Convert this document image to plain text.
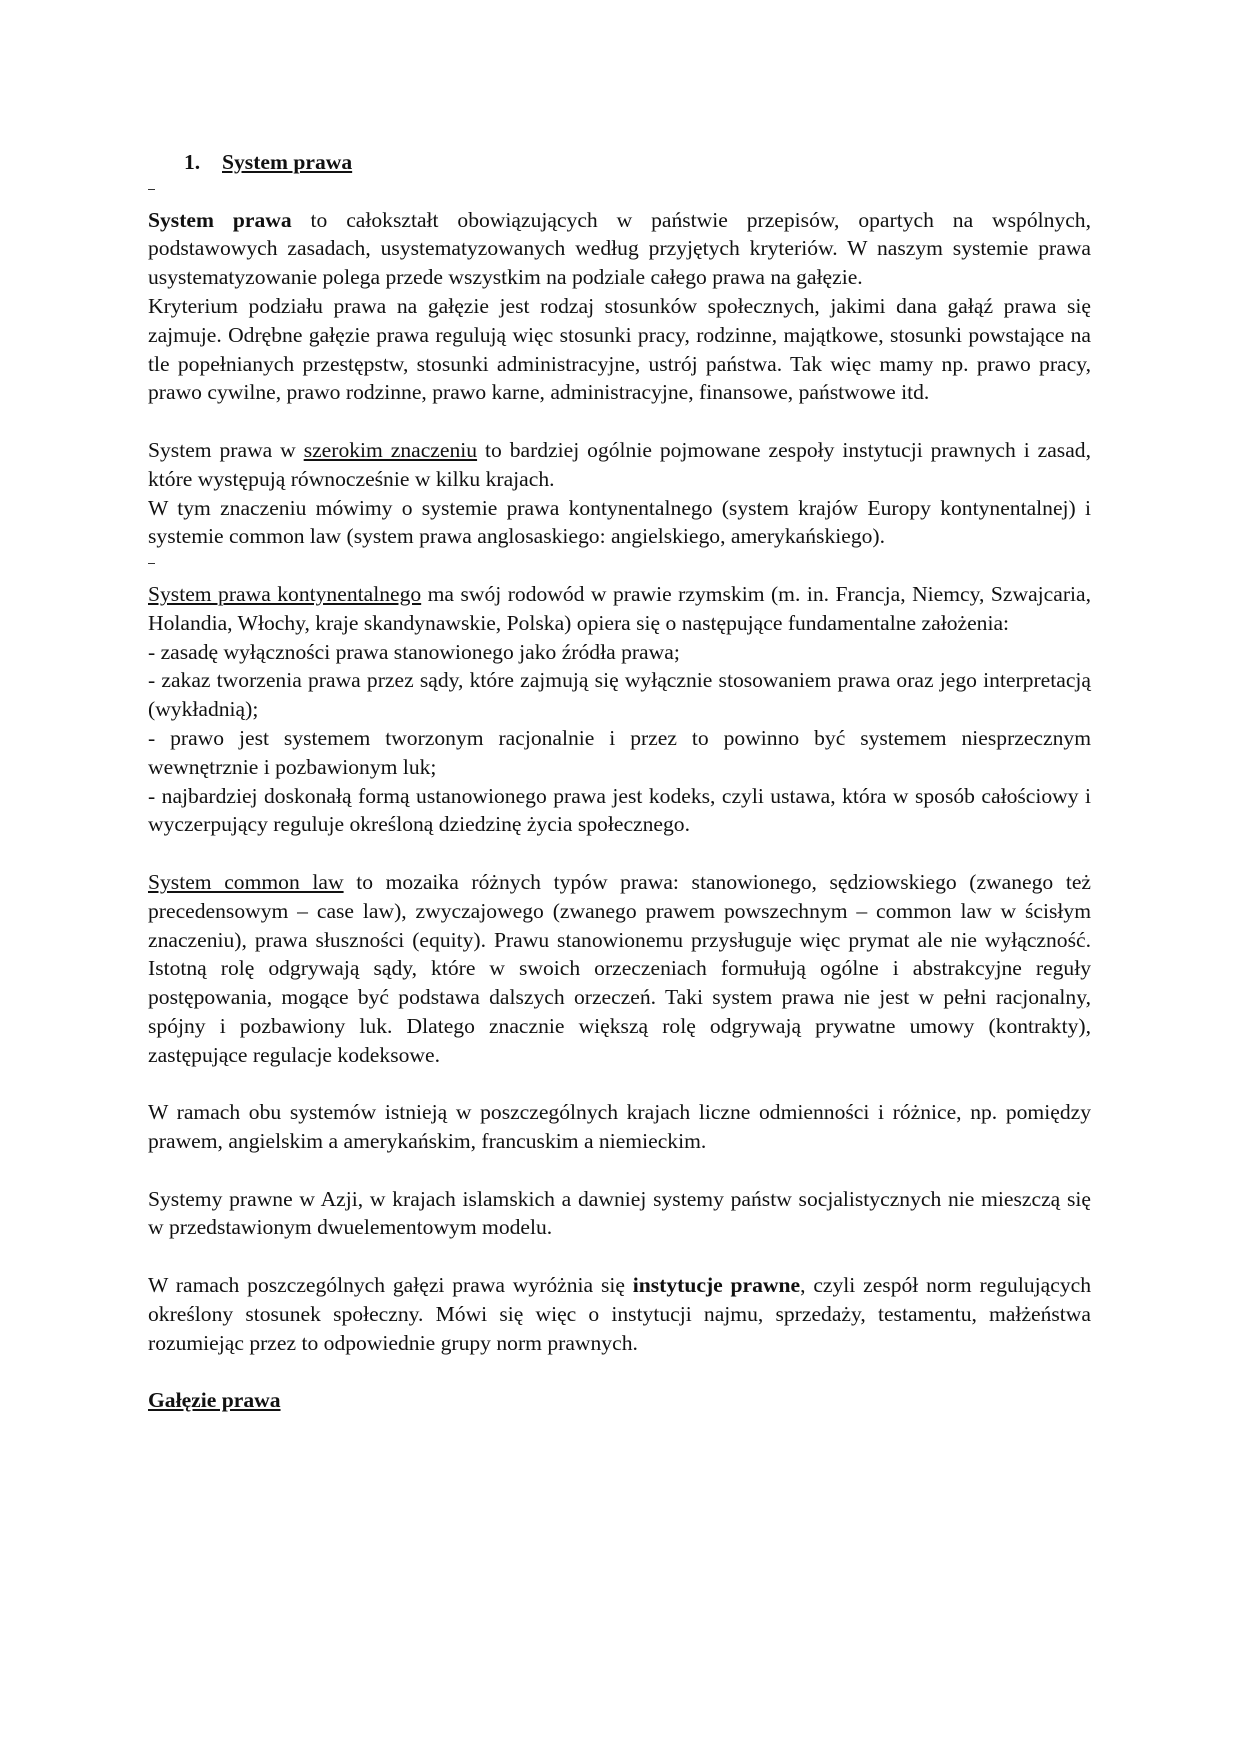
1. System prawa

System prawa to całokształt obowiązujących w państwie przepisów, opartych na wspólnych, podstawowych zasadach, usystematyzowanych według przyjętych kryteriów. W naszym systemie prawa usystematyzowanie polega przede wszystkim na podziale całego prawa na gałęzie.

Kryterium podziału prawa na gałęzie jest rodzaj stosunków społecznych, jakimi dana gałąź prawa się zajmuje. Odrębne gałęzie prawa regulują więc stosunki pracy, rodzinne, majątkowe, stosunki powstające na tle popełnianych przestępstw, stosunki administracyjne, ustrój państwa. Tak więc mamy np. prawo pracy, prawo cywilne, prawo rodzinne, prawo karne, administracyjne, finansowe, państwowe itd.

System prawa w szerokim znaczeniu to bardziej ogólnie pojmowane zespoły instytucji prawnych i zasad, które występują równocześnie w kilku krajach.

W tym znaczeniu mówimy o systemie prawa kontynentalnego (system krajów Europy kontynentalnej) i systemie common law (system prawa anglosaskiego: angielskiego, amerykańskiego).

System prawa kontynentalnego ma swój rodowód w prawie rzymskim (m. in. Francja, Niemcy, Szwajcaria, Holandia, Włochy, kraje skandynawskie, Polska) opiera się o następujące fundamentalne założenia:

- zasadę wyłączności prawa stanowionego jako źródła prawa;

- zakaz tworzenia prawa przez sądy, które zajmują się wyłącznie stosowaniem prawa oraz jego interpretacją (wykładnią);

- prawo jest systemem tworzonym racjonalnie i przez to powinno być systemem niesprzecznym wewnętrznie i pozbawionym luk;

- najbardziej doskonałą formą ustanowionego prawa jest kodeks, czyli ustawa, która w sposób całościowy i wyczerpujący reguluje określoną dziedzinę życia społecznego.

System common law to mozaika różnych typów prawa: stanowionego, sędziowskiego (zwanego też precedensowym – case law), zwyczajowego (zwanego prawem powszechnym – common law w ścisłym znaczeniu), prawa słuszności (equity). Prawu stanowionemu przysługuje więc prymat ale nie wyłączność. Istotną rolę odgrywają sądy, które w swoich orzeczeniach formułują ogólne i abstrakcyjne reguły postępowania, mogące być podstawa dalszych orzeczeń. Taki system prawa nie jest w pełni racjonalny, spójny i pozbawiony luk. Dlatego znacznie większą rolę odgrywają prywatne umowy (kontrakty), zastępujące regulacje kodeksowe.

W ramach obu systemów istnieją w poszczególnych krajach liczne odmienności i różnice, np. pomiędzy prawem, angielskim a amerykańskim, francuskim a niemieckim.

Systemy prawne w Azji, w krajach islamskich a dawniej systemy państw socjalistycznych nie mieszczą się w przedstawionym dwuelementowym modelu.

W ramach poszczególnych gałęzi prawa wyróżnia się instytucje prawne, czyli zespół norm regulujących określony stosunek społeczny. Mówi się więc o instytucji najmu, sprzedaży, testamentu, małżeństwa rozumiejąc przez to odpowiednie grupy norm prawnych.

Gałęzie prawa
